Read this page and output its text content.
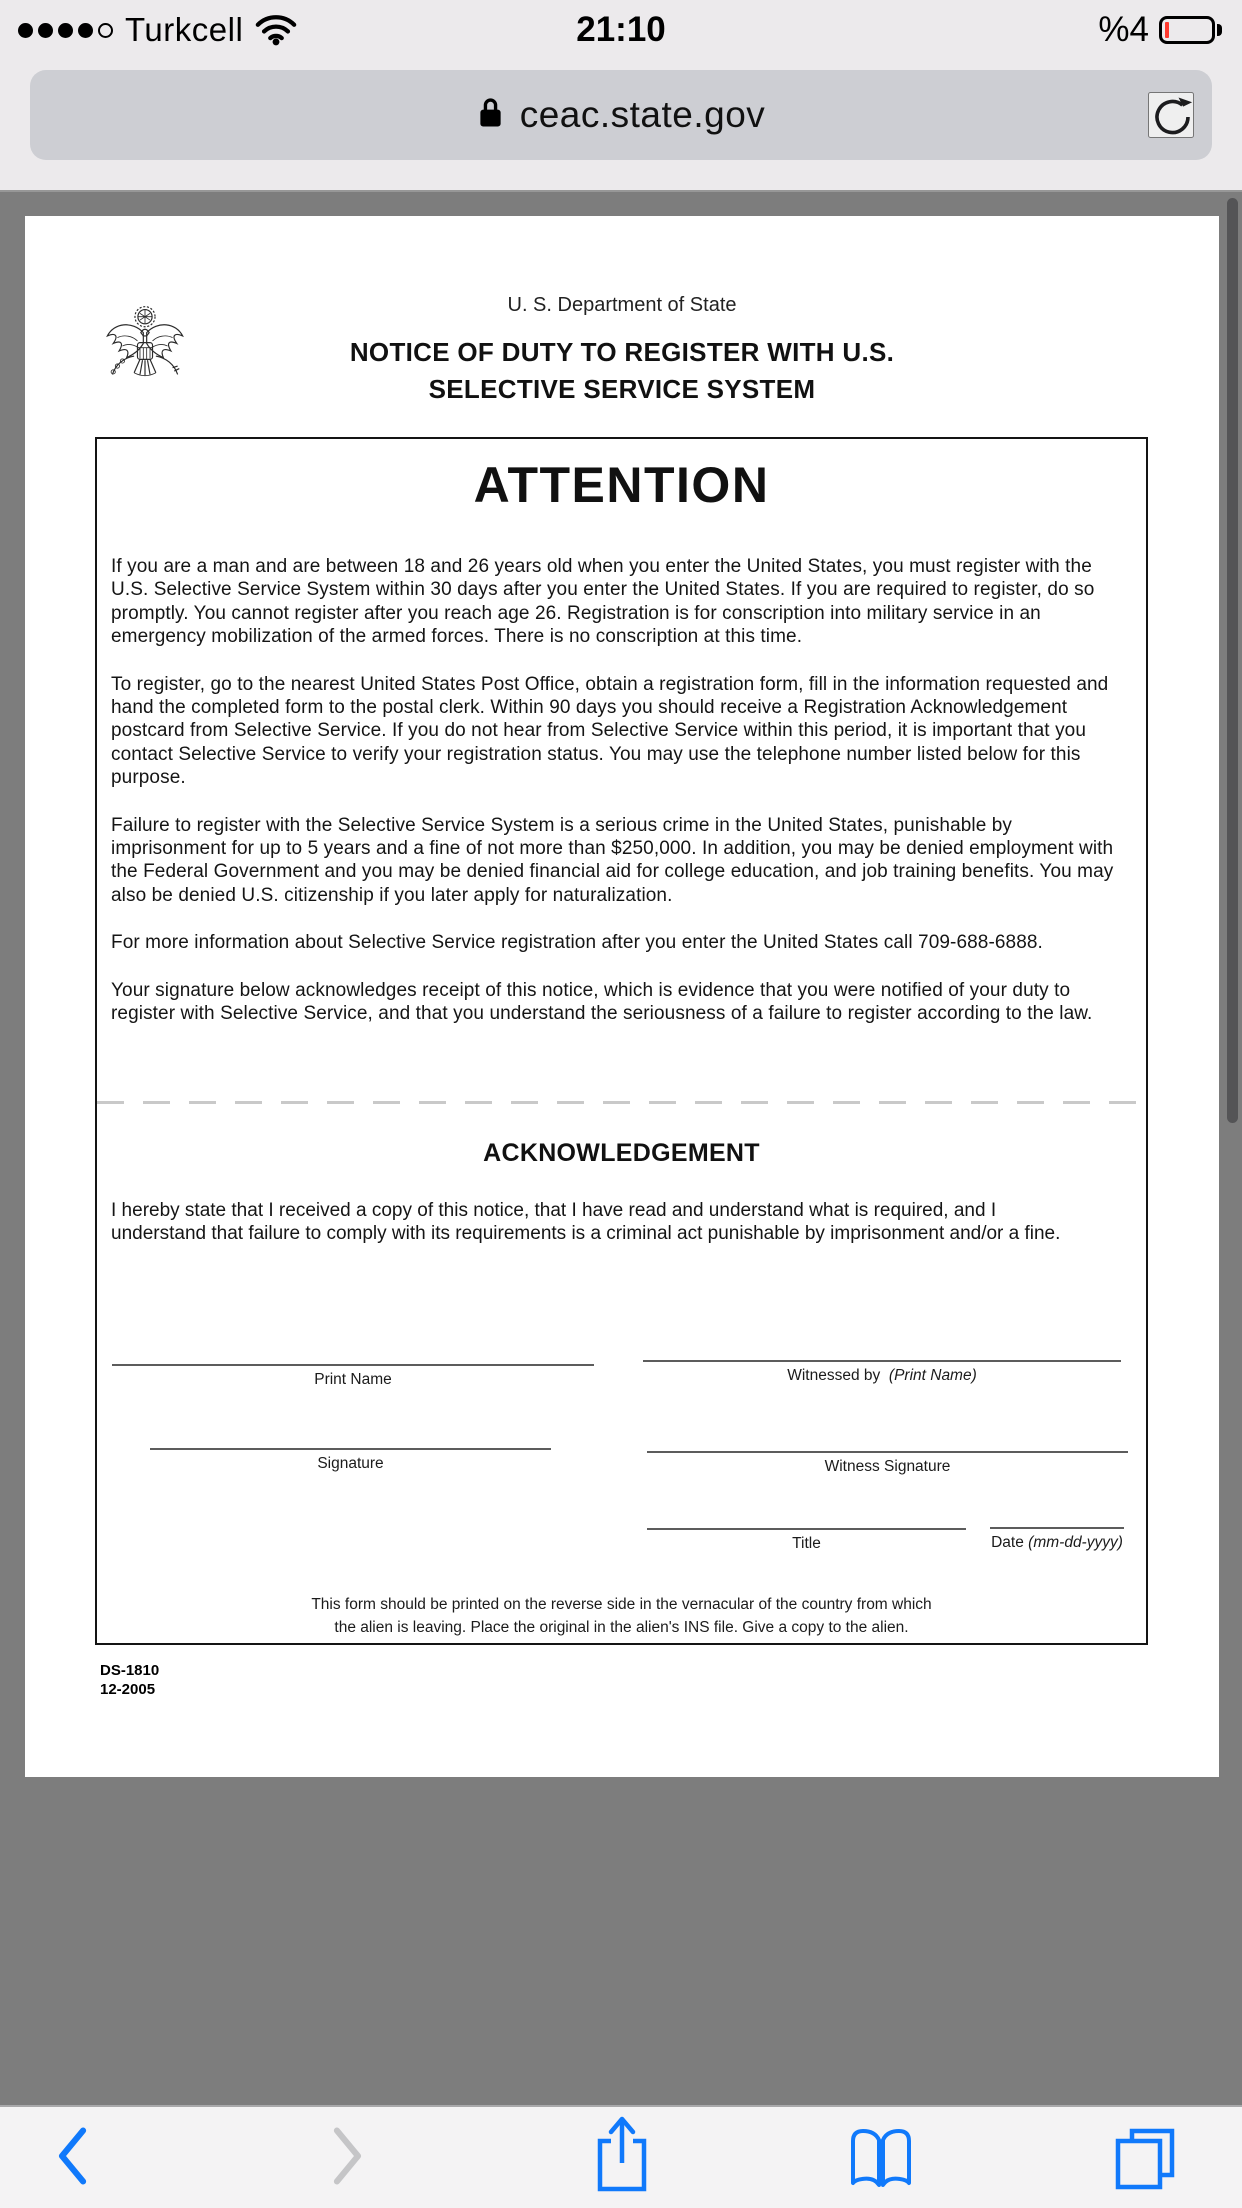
Turkcell	21:10	%4
ceac.state.gov
U. S. Department of State
NOTICE OF DUTY TO REGISTER WITH U.S.
SELECTIVE SERVICE SYSTEM
ATTENTION

If you are a man and are between 18 and 26 years old when you enter the United States, you must register with the U.S. Selective Service System within 30 days after you enter the United States. If you are required to register, do so promptly. You cannot register after you reach age 26. Registration is for conscription into military service in an emergency mobilization of the armed forces. There is no conscription at this time.

To register, go to the nearest United States Post Office, obtain a registration form, fill in the information requested and hand the completed form to the postal clerk. Within 90 days you should receive a Registration Acknowledgement postcard from Selective Service. If you do not hear from Selective Service within this period, it is important that you contact Selective Service to verify your registration status. You may use the telephone number listed below for this purpose.

Failure to register with the Selective Service System is a serious crime in the United States, punishable by imprisonment for up to 5 years and a fine of not more than $250,000. In addition, you may be denied employment with the Federal Government and you may be denied financial aid for college education, and job training benefits. You may also be denied U.S. citizenship if you later apply for naturalization.

For more information about Selective Service registration after you enter the United States call 709-688-6888.

Your signature below acknowledges receipt of this notice, which is evidence that you were notified of your duty to register with Selective Service, and that you understand the seriousness of a failure to register according to the law.

ACKNOWLEDGEMENT
I hereby state that I received a copy of this notice, that I have read and understand what is required, and I understand that failure to comply with its requirements is a criminal act punishable by imprisonment and/or a fine.
Print Name	Witnessed by (Print Name)
Signature	Witness Signature
Title	Date (mm-dd-yyyy)
This form should be printed on the reverse side in the vernacular of the country from which
the alien is leaving. Place the original in the alien's INS file. Give a copy to the alien.
DS-1810
12-2005
